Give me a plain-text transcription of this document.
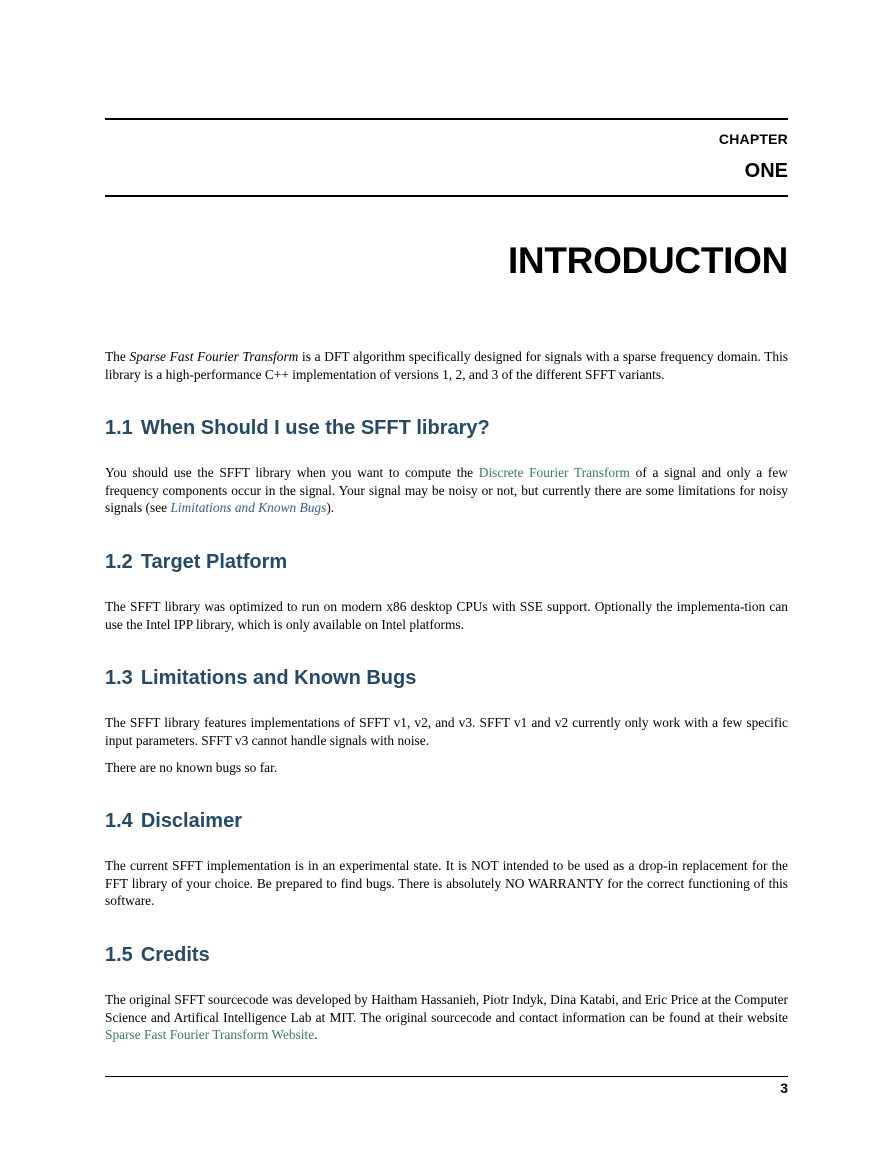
CHAPTER
ONE
INTRODUCTION

The Sparse Fast Fourier Transform is a DFT algorithm specifically designed for signals with a sparse frequency domain. This library is a high-performance C++ implementation of versions 1, 2, and 3 of the different SFFT variants.

1.1 When Should I use the SFFT library?

You should use the SFFT library when you want to compute the Discrete Fourier Transform of a signal and only a few frequency components occur in the signal. Your signal may be noisy or not, but currently there are some limitations for noisy signals (see Limitations and Known Bugs).

1.2 Target Platform

The SFFT library was optimized to run on modern x86 desktop CPUs with SSE support. Optionally the implementa-tion can use the Intel IPP library, which is only available on Intel platforms.

1.3 Limitations and Known Bugs

The SFFT library features implementations of SFFT v1, v2, and v3. SFFT v1 and v2 currently only work with a few specific input parameters. SFFT v3 cannot handle signals with noise.

There are no known bugs so far.

1.4 Disclaimer

The current SFFT implementation is in an experimental state. It is NOT intended to be used as a drop-in replacement for the FFT library of your choice. Be prepared to find bugs. There is absolutely NO WARRANTY for the correct functioning of this software.

1.5 Credits

The original SFFT sourcecode was developed by Haitham Hassanieh, Piotr Indyk, Dina Katabi, and Eric Price at the Computer Science and Artifical Intelligence Lab at MIT. The original sourcecode and contact information can be found at their website Sparse Fast Fourier Transform Website.

3
